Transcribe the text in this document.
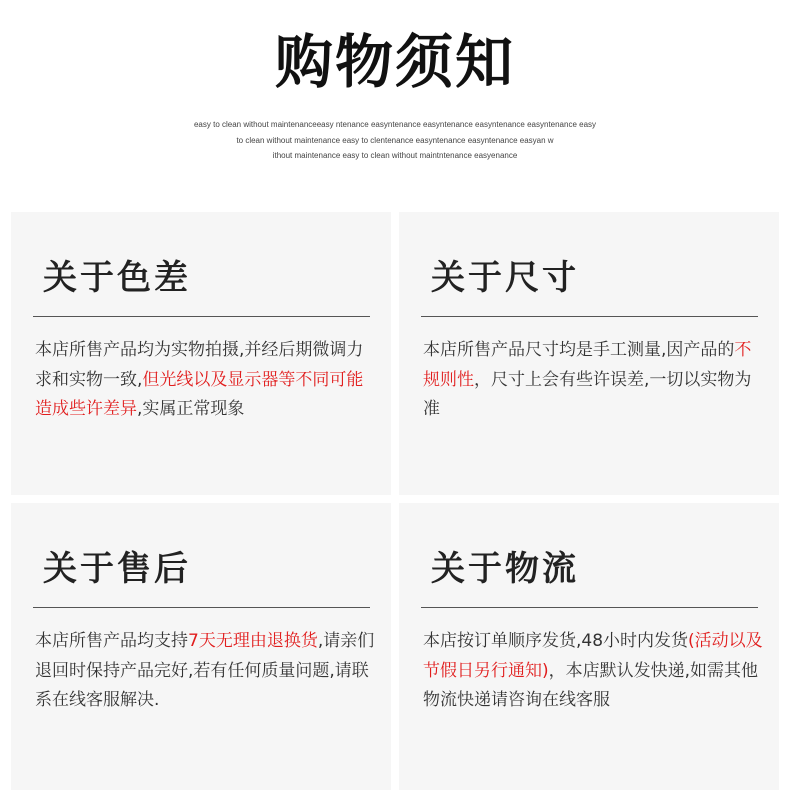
购物须知
easy to clean without maintenanceeasy ntenance easyntenance easyntenance easyntenance easyntenance easy
to clean without maintenance easy to clentenance easyntenance easyntenance easyan w
ithout maintenance easy to clean without maintntenance easyenance
关于色差
本店所售产品均为实物拍摄,并经后期微调力求和实物一致,但光线以及显示器等不同可能造成些许差异,实属正常现象
关于尺寸
本店所售产品尺寸均是手工测量,因产品的不规则性，尺寸上会有些许误差,一切以实物为准
关于售后
本店所售产品均支持7天无理由退换货,请亲们退回时保持产品完好,若有任何质量问题,请联系在线客服解决.
关于物流
本店按订单顺序发货,48小时内发货(活动以及节假日另行通知)，本店默认发快递,如需其他物流快递请咨询在线客服
